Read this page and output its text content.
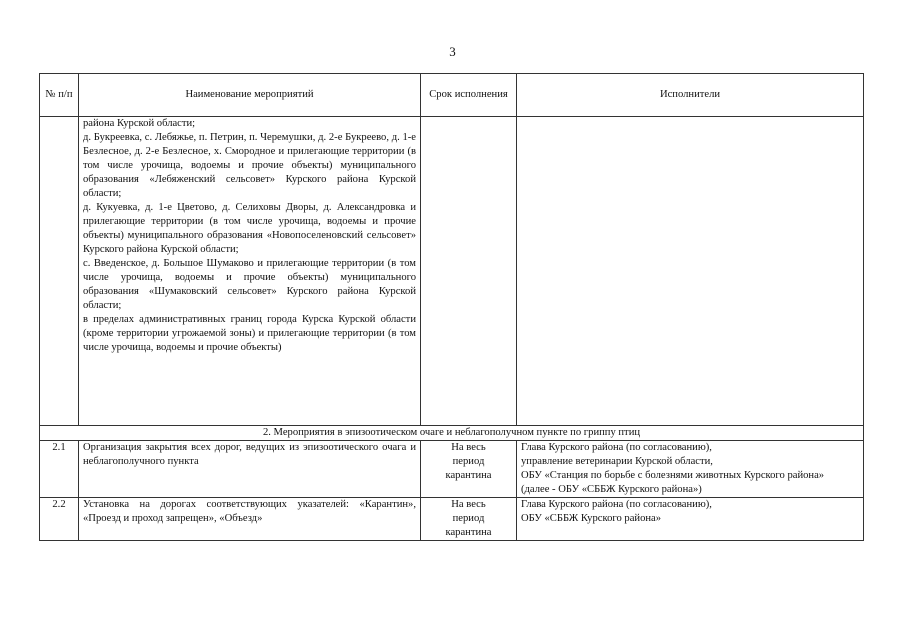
3
№ п/п	Наименование мероприятий	Срок исполнения	Исполнители

	района Курской области;

д. Букреевка, с. Лебяжье, п. Петрин, п. Черемушки, д. 2-е Букреево, д. 1-е Безлесное, д. 2-е Безлесное, х. Смородное и прилегающие территории (в том числе урочища, водоемы и прочие объекты) муниципального образования «Лебяженский сельсовет» Курского района Курской области;

д. Кукуевка, д. 1-е Цветово, д. Селиховы Дворы, д. Александровка и прилегающие территории (в том числе урочища, водоемы и прочие объекты) муниципального образования «Новопоселеновский сельсовет» Курского района Курской области;

с. Введенское, д. Большое Шумаково и прилегающие территории (в том числе урочища, водоемы и прочие объекты) муниципального образования «Шумаковский сельсовет» Курского района Курской области;

в пределах административных границ города Курска Курской области (кроме территории угрожаемой зоны) и прилегающие территории (в том числе урочища, водоемы и прочие объекты)		

2. Мероприятия в эпизоотическом очаге и неблагополучном пункте по гриппу птиц			
2.1	Организация закрытия всех дорог, ведущих из эпизоотического очага и неблагополучного пункта	На весь
период
карантина	Глава Курского района (по согласованию),
управление ветеринарии Курской области,
ОБУ «Станция по борьбе с болезнями животных Курского района»
(далее - ОБУ «СББЖ Курского района»)

2.2	Установка на дорогах соответствующих указателей: «Карантин», «Проезд и проход запрещен», «Объезд»	На весь
период
карантина	Глава Курского района (по согласованию),
ОБУ «СББЖ Курского района»
